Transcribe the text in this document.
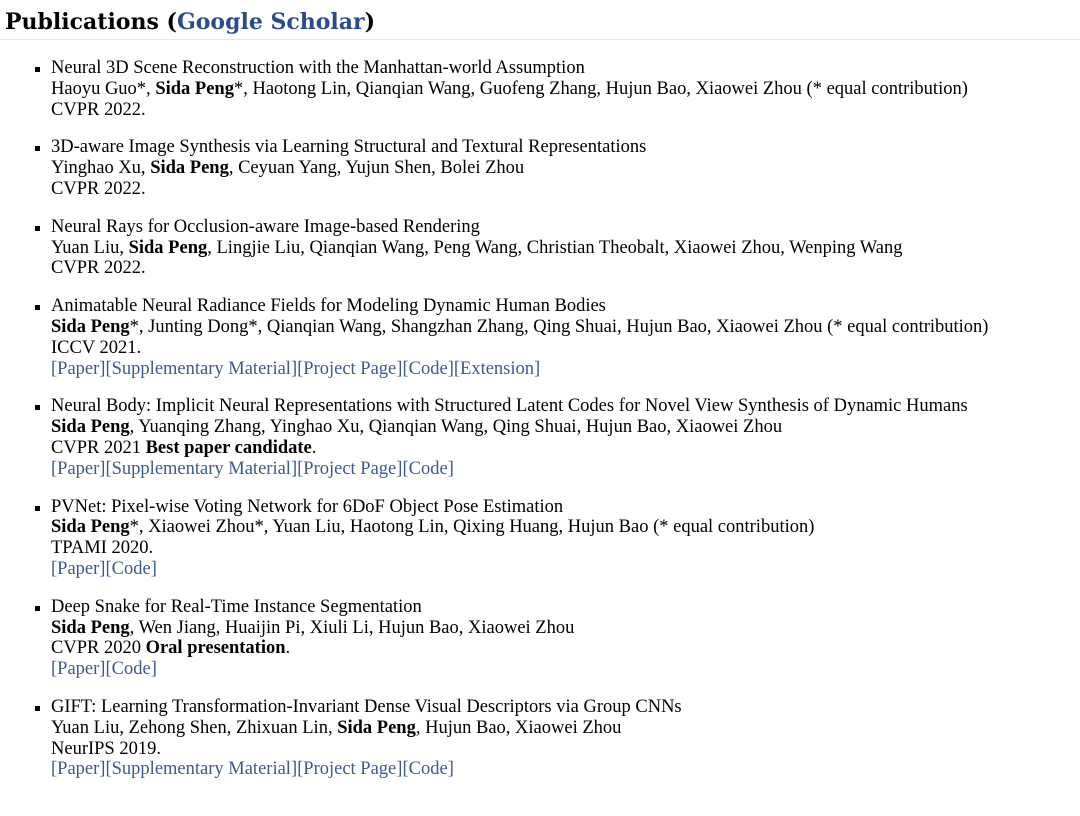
Publications (Google Scholar)
Neural 3D Scene Reconstruction with the Manhattan-world Assumption
Haoyu Guo*, Sida Peng*, Haotong Lin, Qianqian Wang, Guofeng Zhang, Hujun Bao, Xiaowei Zhou (* equal contribution)
CVPR 2022.
3D-aware Image Synthesis via Learning Structural and Textural Representations
Yinghao Xu, Sida Peng, Ceyuan Yang, Yujun Shen, Bolei Zhou
CVPR 2022.
Neural Rays for Occlusion-aware Image-based Rendering
Yuan Liu, Sida Peng, Lingjie Liu, Qianqian Wang, Peng Wang, Christian Theobalt, Xiaowei Zhou, Wenping Wang
CVPR 2022.
Animatable Neural Radiance Fields for Modeling Dynamic Human Bodies
Sida Peng*, Junting Dong*, Qianqian Wang, Shangzhan Zhang, Qing Shuai, Hujun Bao, Xiaowei Zhou (* equal contribution)
ICCV 2021.
[Paper][Supplementary Material][Project Page][Code][Extension]
Neural Body: Implicit Neural Representations with Structured Latent Codes for Novel View Synthesis of Dynamic Humans
Sida Peng, Yuanqing Zhang, Yinghao Xu, Qianqian Wang, Qing Shuai, Hujun Bao, Xiaowei Zhou
CVPR 2021 Best paper candidate.
[Paper][Supplementary Material][Project Page][Code]
PVNet: Pixel-wise Voting Network for 6DoF Object Pose Estimation
Sida Peng*, Xiaowei Zhou*, Yuan Liu, Haotong Lin, Qixing Huang, Hujun Bao (* equal contribution)
TPAMI 2020.
[Paper][Code]
Deep Snake for Real-Time Instance Segmentation
Sida Peng, Wen Jiang, Huaijin Pi, Xiuli Li, Hujun Bao, Xiaowei Zhou
CVPR 2020 Oral presentation.
[Paper][Code]
GIFT: Learning Transformation-Invariant Dense Visual Descriptors via Group CNNs
Yuan Liu, Zehong Shen, Zhixuan Lin, Sida Peng, Hujun Bao, Xiaowei Zhou
NeurIPS 2019.
[Paper][Supplementary Material][Project Page][Code]
